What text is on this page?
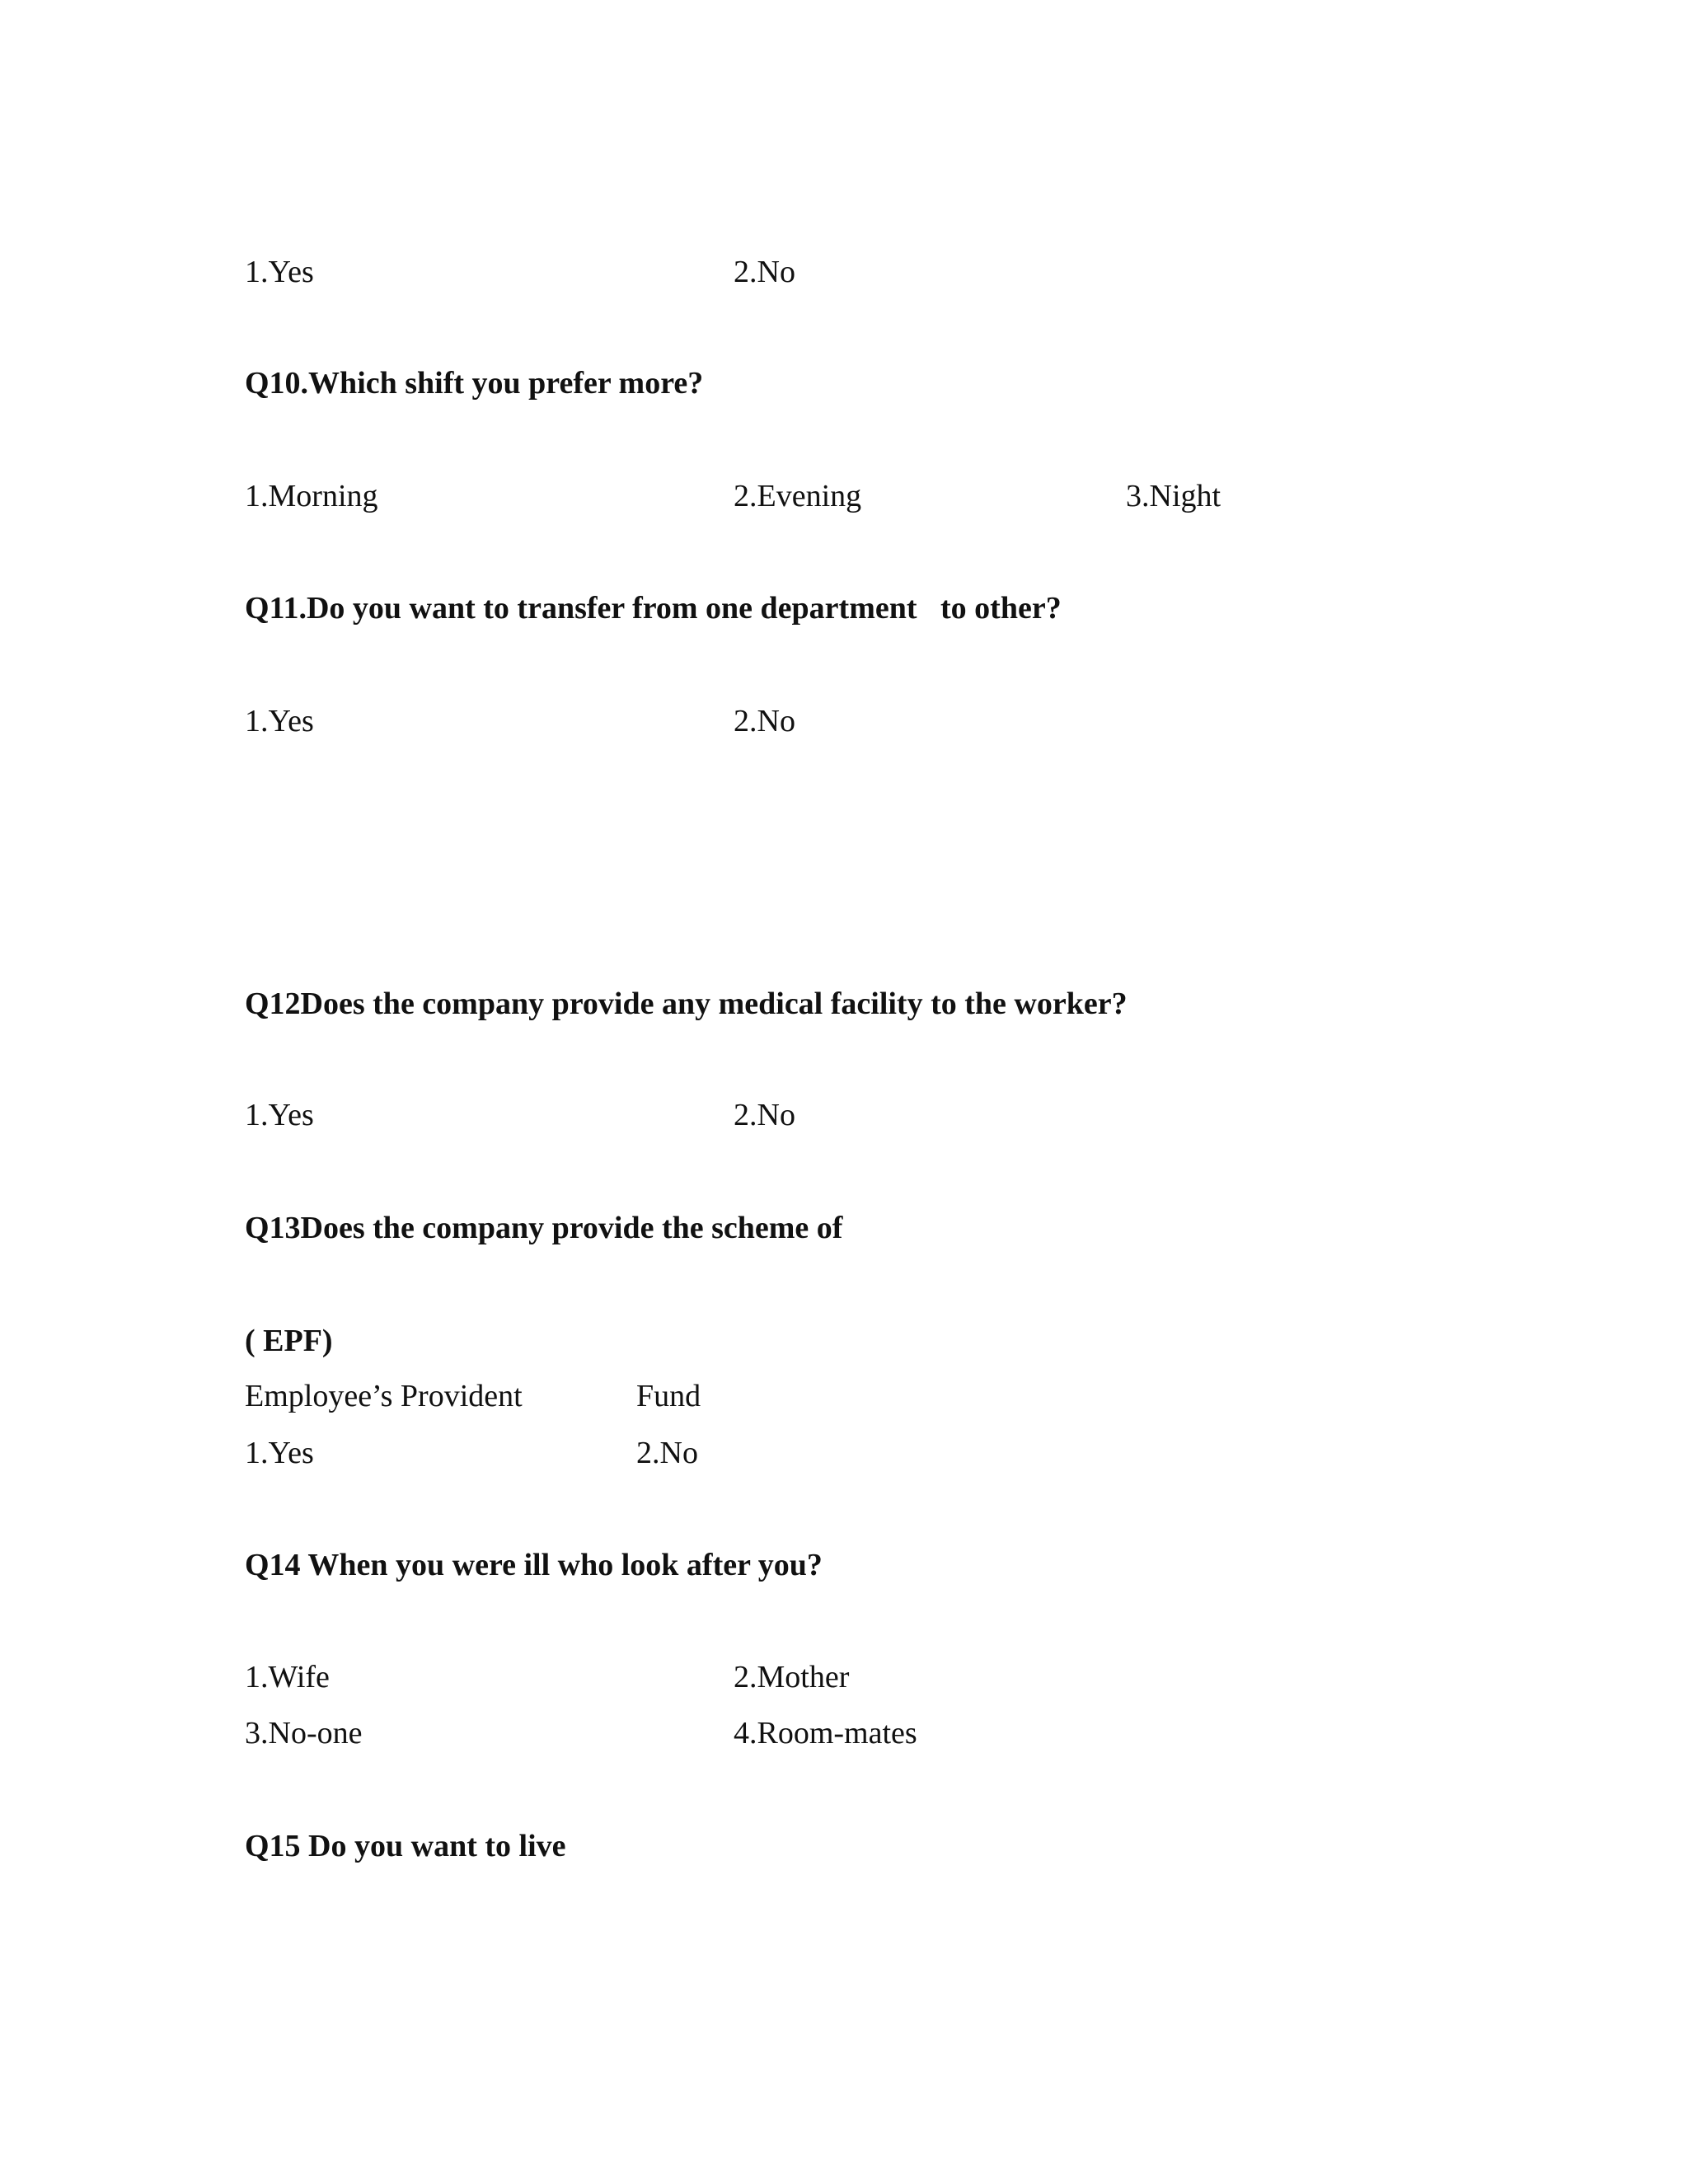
1.Yes	2.No
Q10.Which shift you prefer more?
1.Morning	2.Evening	3.Night
Q11.Do you want to transfer from one department   to other?
1.Yes	2.No
Q12Does the company provide any medical facility to the worker?
1.Yes	2.No
Q13Does the company provide the scheme of
( EPF)
Employee’s Provident	Fund
1.Yes	2.No
Q14 When you were ill who look after you?
1.Wife	2.Mother
3.No-one	4.Room-mates
Q15 Do you want to live
